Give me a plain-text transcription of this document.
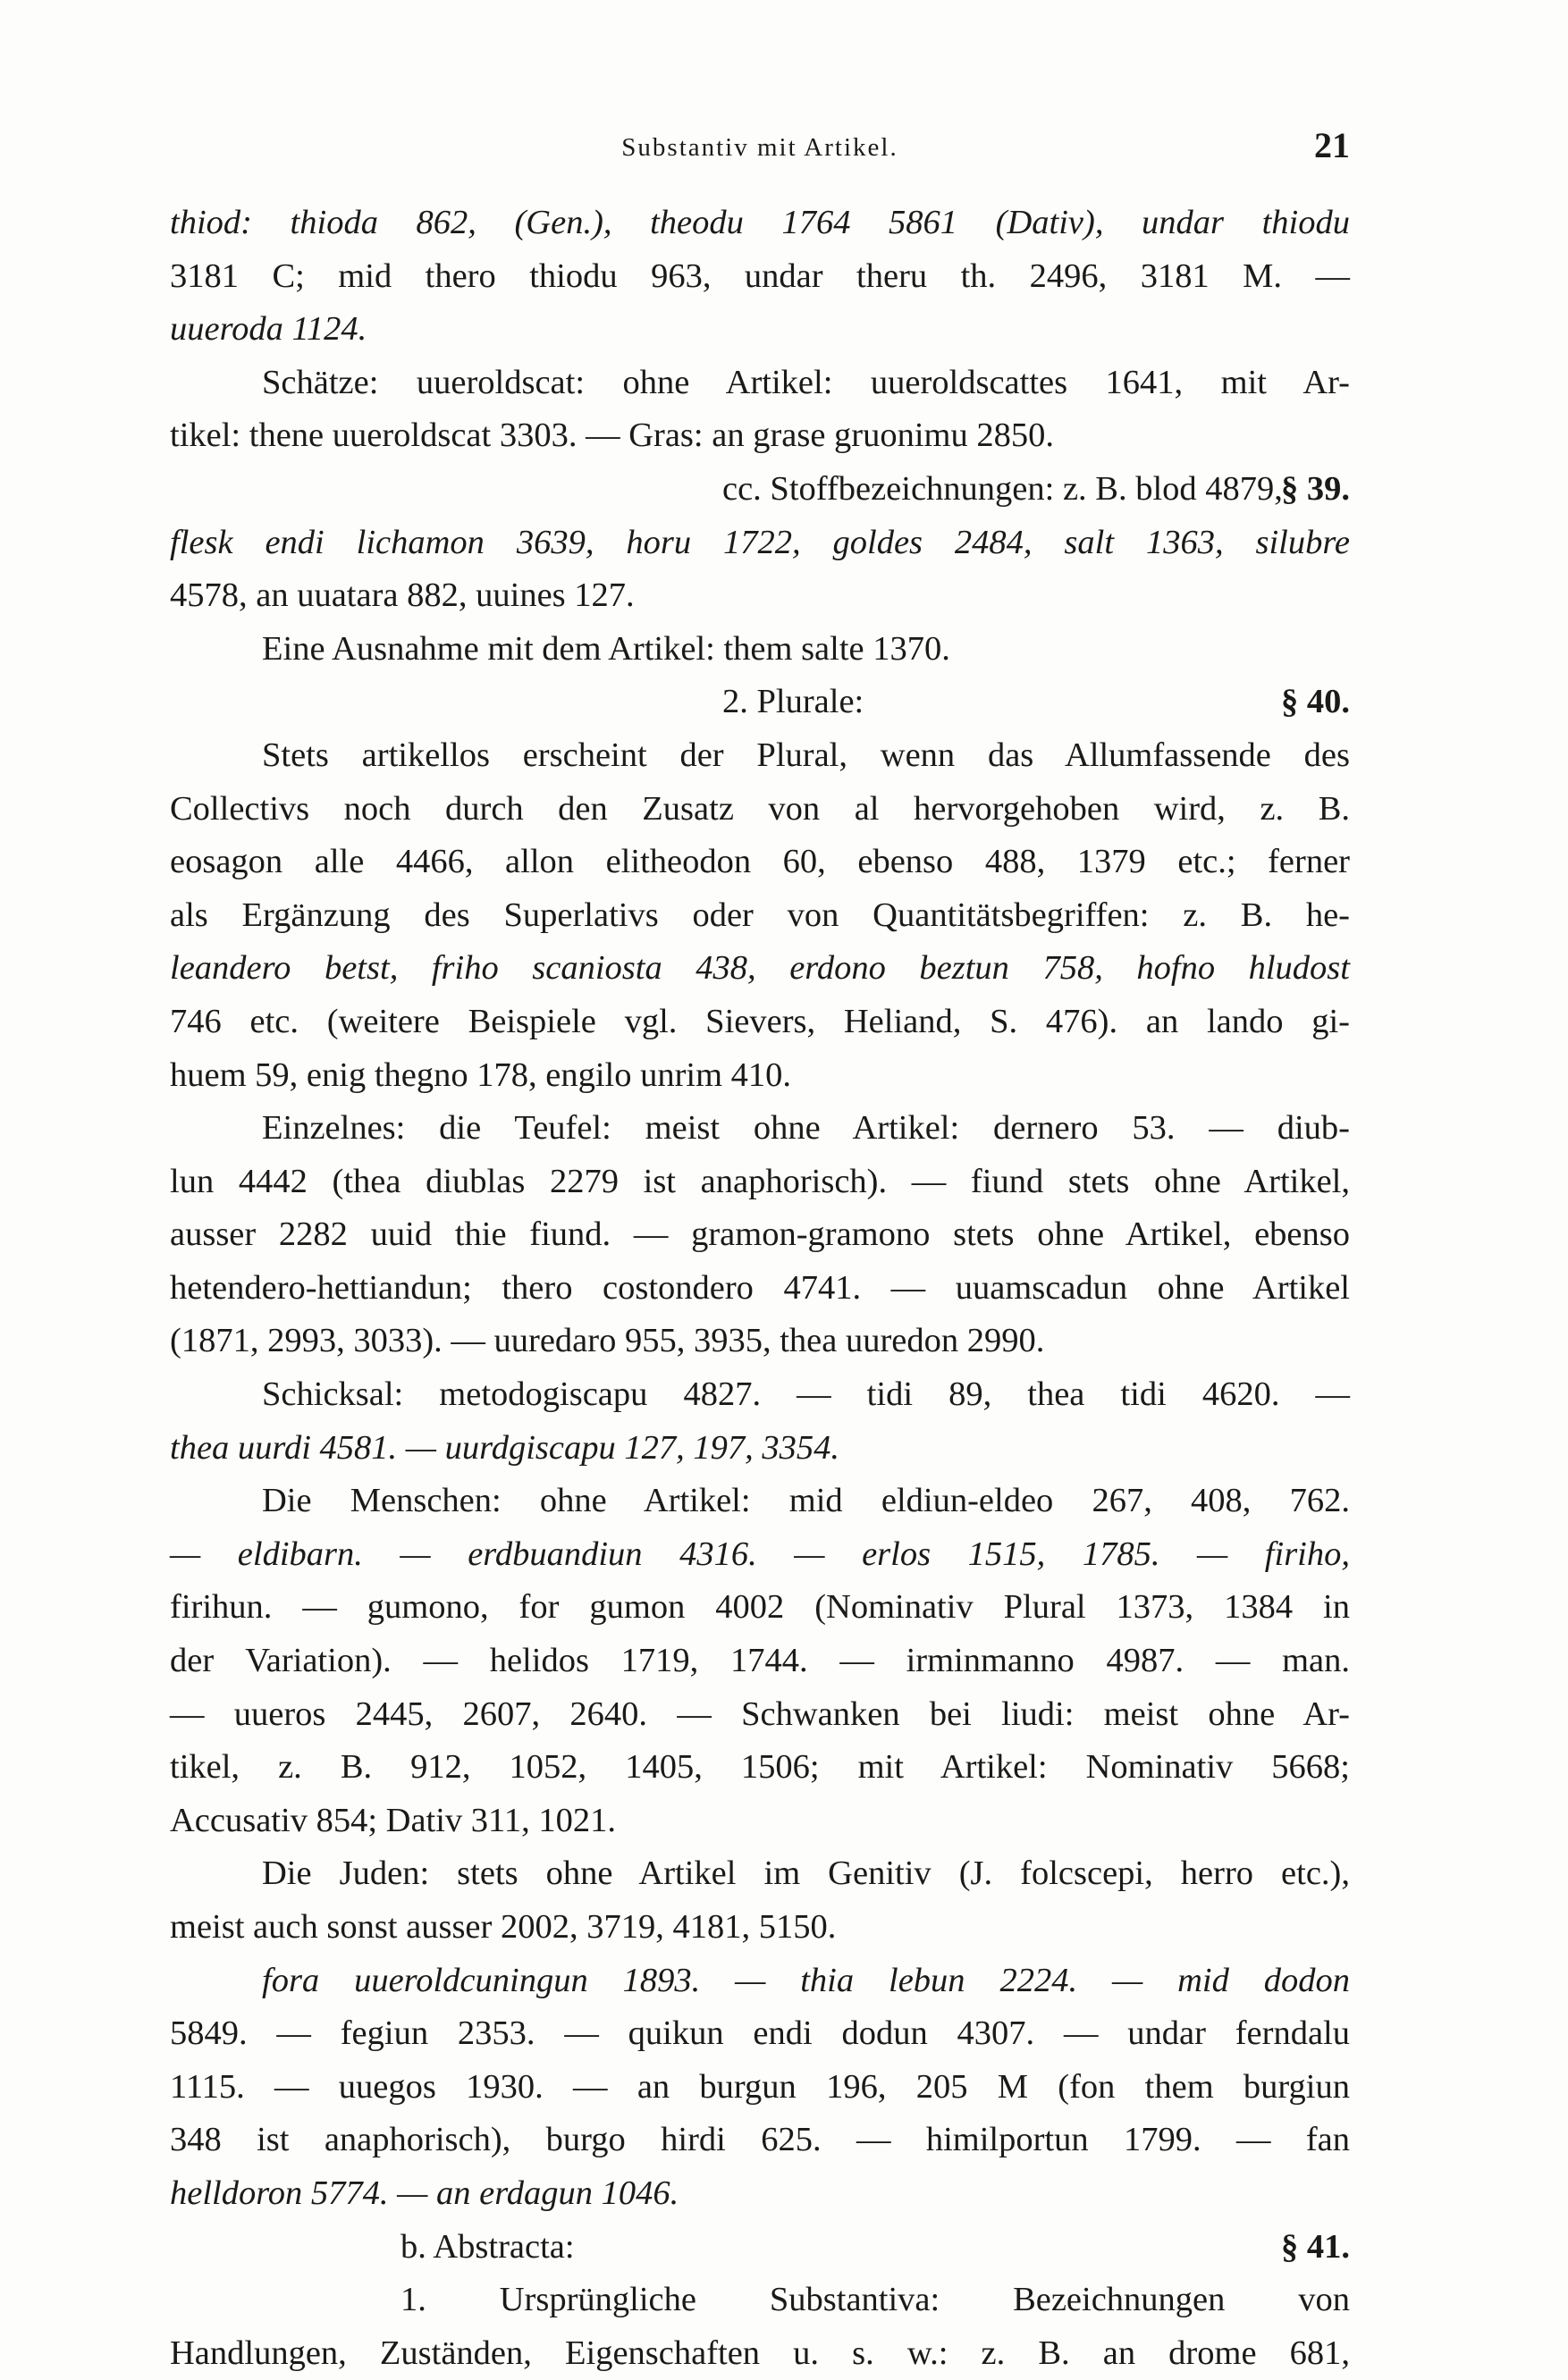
Substantiv mit Artikel.	21
thiod: thioda 862, (Gen.), theodu 1764 5861 (Dativ), undar thiodu
3181 C; mid thero thiodu 963, undar theru th. 2496, 3181 M. —
uueroda 1124.
Schätze: uueroldscat: ohne Artikel: uueroldscattes 1641, mit Ar-
tikel: thene uueroldscat 3303. — Gras: an grase gruonimu 2850.
cc. Stoffbezeichnungen: z. B. blod 4879,
§ 39.
flesk endi lichamon 3639, horu 1722, goldes 2484, salt 1363, silubre
4578, an uuatara 882, uuines 127.
Eine Ausnahme mit dem Artikel: them salte 1370.
2. Plurale:	§ 40.
Stets artikellos erscheint der Plural, wenn das Allumfassende des
Collectivs noch durch den Zusatz von al hervorgehoben wird, z. B.
eosagon alle 4466, allon elitheodon 60, ebenso 488, 1379 etc.; ferner
als Ergänzung des Superlativs oder von Quantitätsbegriffen: z. B. he-
leandero betst, friho scaniosta 438, erdono beztun 758, hofno hludost
746 etc. (weitere Beispiele vgl. Sievers, Heliand, S. 476). an lando gi-
huem 59, enig thegno 178, engilo unrim 410.
Einzelnes: die Teufel: meist ohne Artikel: dernero 53. — diub-
lun 4442 (thea diublas 2279 ist anaphorisch). — fiund stets ohne Artikel,
ausser 2282 uuid thie fiund. — gramon-gramono stets ohne Artikel, ebenso
hetendero-hettiandun; thero costondero 4741. — uuamscadun ohne Artikel
(1871, 2993, 3033). — uuredaro 955, 3935, thea uuredon 2990.
Schicksal: metodogiscapu 4827. — tidi 89, thea tidi 4620. —
thea uurdi 4581. — uurdgiscapu 127, 197, 3354.
Die Menschen: ohne Artikel: mid eldiun-eldeo 267, 408, 762.
— eldibarn. — erdbuandiun 4316. — erlos 1515, 1785. — firiho,
firihun. — gumono, for gumon 4002 (Nominativ Plural 1373, 1384 in
der Variation). — helidos 1719, 1744. — irminmanno 4987. — man.
— uueros 2445, 2607, 2640. — Schwanken bei liudi: meist ohne Ar-
tikel, z. B. 912, 1052, 1405, 1506; mit Artikel: Nominativ 5668;
Accusativ 854; Dativ 311, 1021.
Die Juden: stets ohne Artikel im Genitiv (J. folcscepi, herro etc.),
meist auch sonst ausser 2002, 3719, 4181, 5150.
fora uueroldcuningun 1893. — thia lebun 2224. — mid dodon
5849. — fegiun 2353. — quikun endi dodun 4307. — undar ferndalu
1115. — uuegos 1930. — an burgun 196, 205 M (fon them burgiun
348 ist anaphorisch), burgo hirdi 625. — himilportun 1799. — fan
helldoron 5774. — an erdagun 1046.
b. Abstracta:	§ 41.
1. Ursprüngliche Substantiva: Bezeichnungen von
Handlungen, Zuständen, Eigenschaften u. s. w.: z. B. an drome 681,
